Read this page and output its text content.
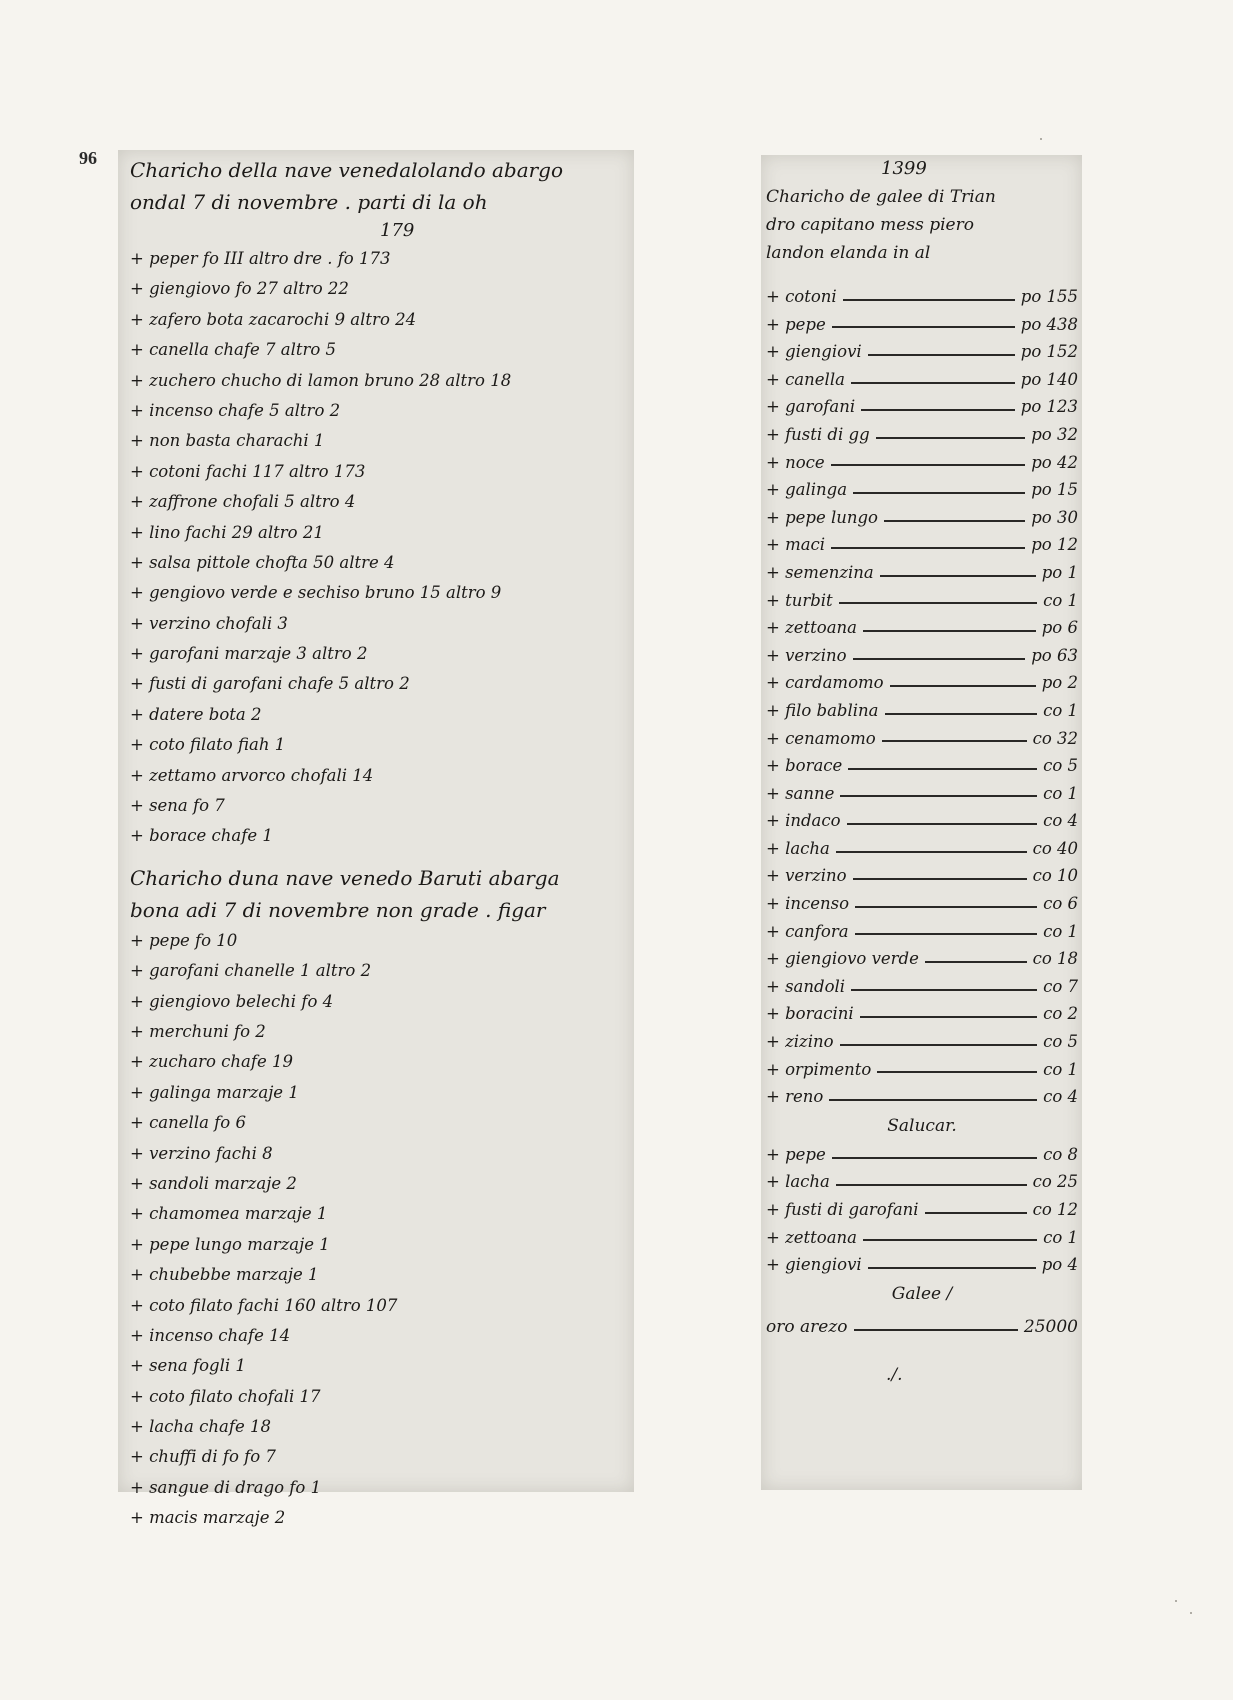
96 Charicho della nave venedalolando abargo
ondal 7 di novembre . parti di la oh
179
+ peper fo III altro dre . fo 173
+ giengiovo fo 27 altro 22
+ zafero bota zacarochi 9 altro 24
+ canella chafe 7 altro 5
+ zuchero chucho di lamon bruno 28 altro 18
+ incenso chafe 5 altro 2
+ non basta charachi 1
+ cotoni fachi 117 altro 173
+ zaffrone chofali 5 altro 4
+ lino fachi 29 altro 21
+ salsa pittole chofta 50 altre 4
+ gengiovo verde e sechiso bruno 15 altro 9
+ verzino chofali 3
+ garofani marzaje 3 altro 2
+ fusti di garofani chafe 5 altro 2
+ datere bota 2
+ coto filato fiah 1
+ zettamo arvorco chofali 14
+ sena fo 7
+ borace chafe 1
Charicho duna nave venedo Baruti abarga
bona adi 7 di novembre non grade . figar
+ pepe fo 10
+ garofani chanelle 1 altro 2
+ giengiovo belechi fo 4
+ merchuni fo 2
+ zucharo chafe 19
+ galinga marzaje 1
+ canella fo 6
+ verzino fachi 8
+ sandoli marzaje 2
+ chamomea marzaje 1
+ pepe lungo marzaje 1
+ chubebbe marzaje 1
+ coto filato fachi 160 altro 107
+ incenso chafe 14
+ sena fogli 1
+ coto filato chofali 17
+ lacha chafe 18
+ chuffi di fo fo 7
+ sangue di drago fo 1
+ macis marzaje 2
1399
Charicho de galee di Trian
dro capitano mess piero
landon elanda in al
+ cotoni	po 155
+ pepe	po 438
+ giengiovi	po 152
+ canella	po 140
+ garofani	po 123
+ fusti di gg	po 32
+ noce	po 42
+ galinga	po 15
+ pepe lungo	po 30
+ maci	po 12
+ semenzina	po 1
+ turbit	co 1
+ zettoana	po 6
+ verzino	po 63
+ cardamomo	po 2
+ filo bablina	co 1
+ cenamomo	co 32
+ borace	co 5
+ sanne	co 1
+ indaco	co 4
+ lacha	co 40
+ verzino	co 10
+ incenso	co 6
+ canfora	co 1
+ giengiovo verde	co 18
+ sandoli	co 7
+ boracini	co 2
+ zizino	co 5
+ orpimento	co 1
+ reno	co 4
Salucar.
+ pepe	co 8
+ lacha	co 25
+ fusti di garofani	co 12
+ zettoana	co 1
+ giengiovi	po 4
Galee /
oro arezo	25000
./.
